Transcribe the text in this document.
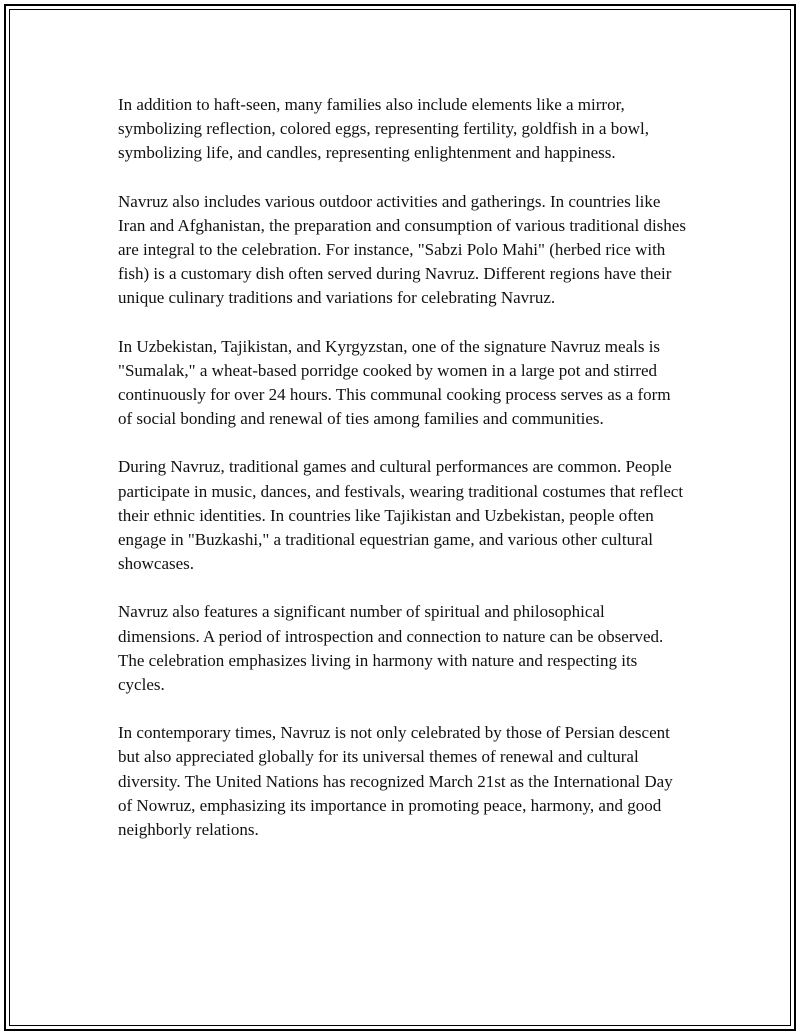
In addition to haft-seen, many families also include elements like a mirror, symbolizing reflection, colored eggs, representing fertility, goldfish in a bowl, symbolizing life, and candles, representing enlightenment and happiness.

Navruz also includes various outdoor activities and gatherings. In countries like Iran and Afghanistan, the preparation and consumption of various traditional dishes are integral to the celebration. For instance, "Sabzi Polo Mahi" (herbed rice with fish) is a customary dish often served during Navruz. Different regions have their unique culinary traditions and variations for celebrating Navruz.

In Uzbekistan, Tajikistan, and Kyrgyzstan, one of the signature Navruz meals is "Sumalak," a wheat-based porridge cooked by women in a large pot and stirred continuously for over 24 hours. This communal cooking process serves as a form of social bonding and renewal of ties among families and communities.

During Navruz, traditional games and cultural performances are common. People participate in music, dances, and festivals, wearing traditional costumes that reflect their ethnic identities. In countries like Tajikistan and Uzbekistan, people often engage in "Buzkashi," a traditional equestrian game, and various other cultural showcases.

Navruz also features a significant number of spiritual and philosophical dimensions. A period of introspection and connection to nature can be observed. The celebration emphasizes living in harmony with nature and respecting its cycles.

In contemporary times, Navruz is not only celebrated by those of Persian descent but also appreciated globally for its universal themes of renewal and cultural diversity. The United Nations has recognized March 21st as the International Day of Nowruz, emphasizing its importance in promoting peace, harmony, and good neighborly relations.
